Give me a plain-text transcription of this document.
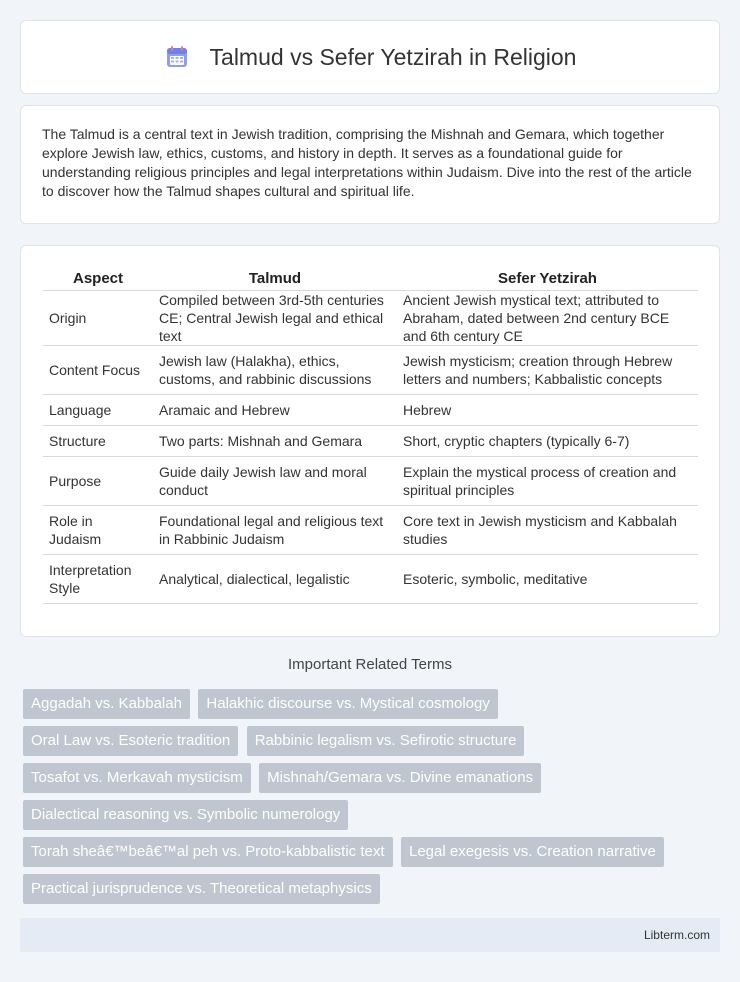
Talmud vs Sefer Yetzirah in Religion

The Talmud is a central text in Jewish tradition, comprising the Mishnah and Gemara, which together explore Jewish law, ethics, customs, and history in depth. It serves as a foundational guide for understanding religious principles and legal interpretations within Judaism. Dive into the rest of the article to discover how the Talmud shapes cultural and spiritual life.

Aspect	Talmud	Sefer Yetzirah
Origin	Compiled between 3rd-5th centuries CE; Central Jewish legal and ethical text	Ancient Jewish mystical text; attributed to Abraham, dated between 2nd century BCE and 6th century CE
Content Focus	Jewish law (Halakha), ethics, customs, and rabbinic discussions	Jewish mysticism; creation through Hebrew letters and numbers; Kabbalistic concepts
Language	Aramaic and Hebrew	Hebrew
Structure	Two parts: Mishnah and Gemara	Short, cryptic chapters (typically 6-7)
Purpose	Guide daily Jewish law and moral conduct	Explain the mystical process of creation and spiritual principles
Role in Judaism	Foundational legal and religious text in Rabbinic Judaism	Core text in Jewish mysticism and Kabbalah studies
Interpretation Style	Analytical, dialectical, legalistic	Esoteric, symbolic, meditative
Important Related Terms
Aggadah vs. Kabbalah Halakhic discourse vs. Mystical cosmology Oral Law vs. Esoteric tradition Rabbinic legalism vs. Sefirotic structure Tosafot vs. Merkavah mysticism Mishnah/Gemara vs. Divine emanations Dialectical reasoning vs. Symbolic numerology
Torah sheâ€™beâ€™al peh vs. Proto-kabbalistic text Legal exegesis vs. Creation narrative Practical jurisprudence vs. Theoretical metaphysics
Libterm.com
